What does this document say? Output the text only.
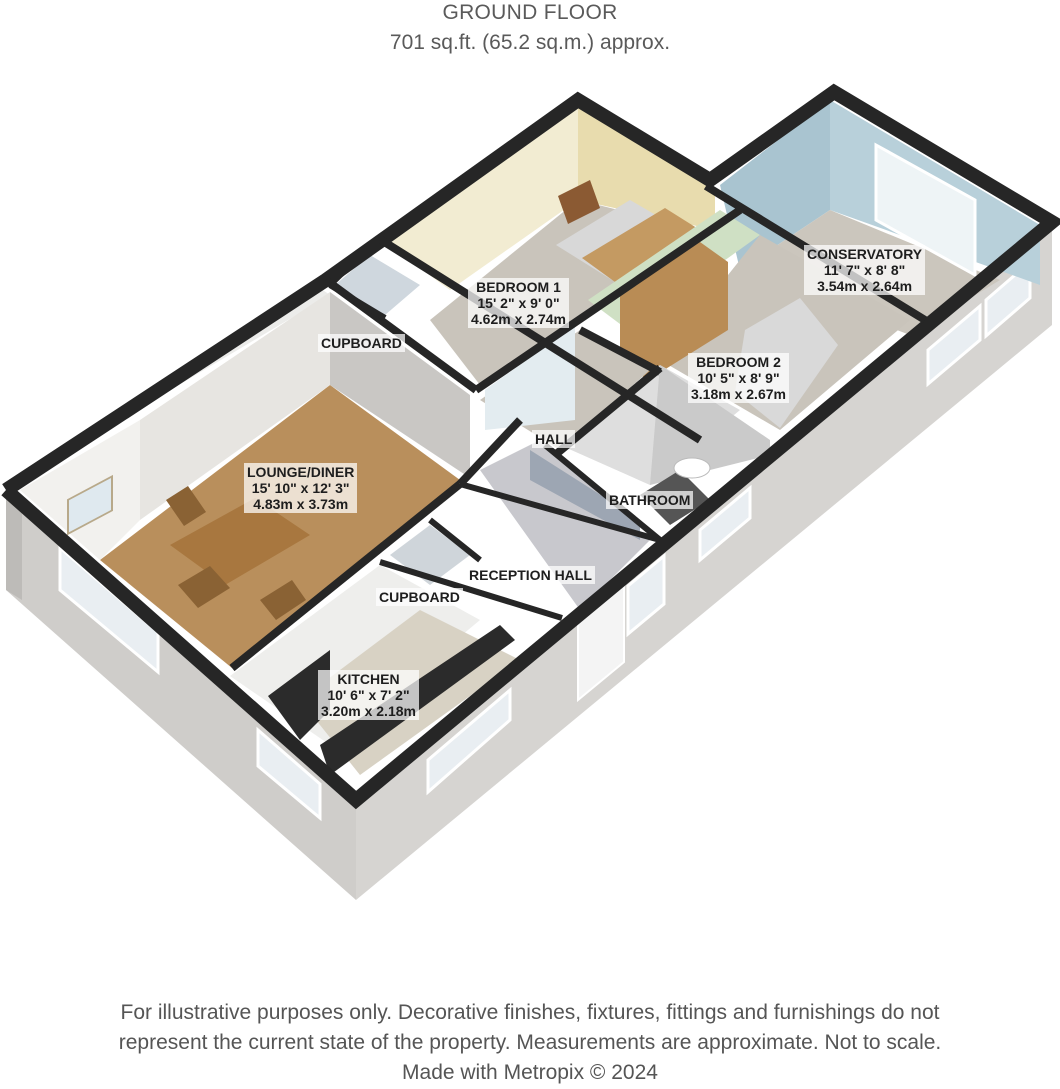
GROUND FLOOR
701 sq.ft. (65.2 sq.m.) approx.
BEDROOM 1
15' 2" x 9' 0"
4.62m x 2.74m
CONSERVATORY
11' 7" x 8' 8"
3.54m x 2.64m
BEDROOM 2
10' 5" x 8' 9"
3.18m x 2.67m
LOUNGE/DINER
15' 10" x 12' 3"
4.83m x 3.73m
KITCHEN
10' 6" x 7' 2"
3.20m x 2.18m
CUPBOARD
CUPBOARD
HALL
BATHROOM
RECEPTION HALL
For illustrative purposes only. Decorative finishes, fixtures, fittings and furnishings do not
represent the current state of the property. Measurements are approximate. Not to scale.
Made with Metropix © 2024
